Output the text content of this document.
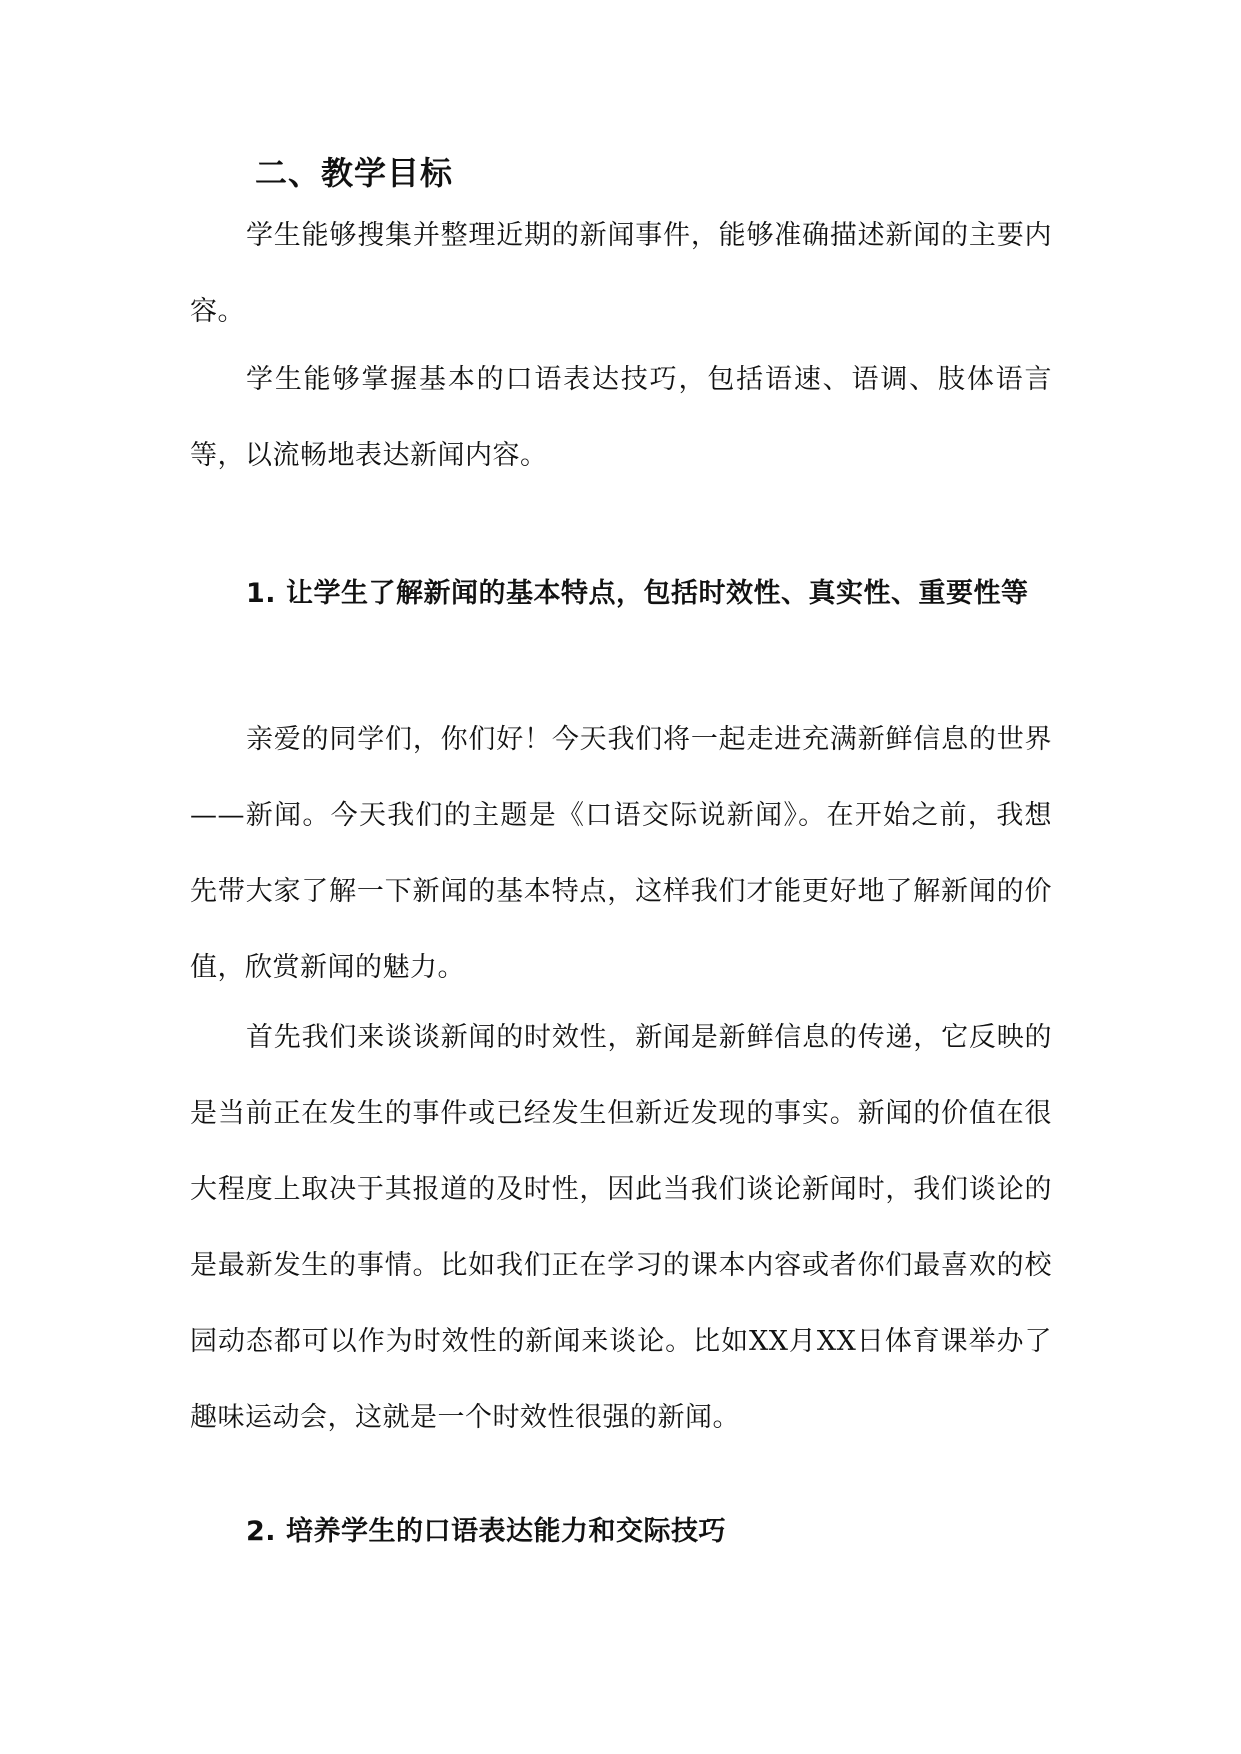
二、教学目标

学生能够搜集并整理近期的新闻事件，能够准确描述新闻的主要内容。

学生能够掌握基本的口语表达技巧，包括语速、语调、肢体语言等，以流畅地表达新闻内容。

1. 让学生了解新闻的基本特点，包括时效性、真实性、重要性等

亲爱的同学们，你们好！今天我们将一起走进充满新鲜信息的世界——新闻。今天我们的主题是《口语交际说新闻》。在开始之前，我想先带大家了解一下新闻的基本特点，这样我们才能更好地了解新闻的价值，欣赏新闻的魅力。

首先我们来谈谈新闻的时效性，新闻是新鲜信息的传递，它反映的是当前正在发生的事件或已经发生但新近发现的事实。新闻的价值在很大程度上取决于其报道的及时性，因此当我们谈论新闻时，我们谈论的是最新发生的事情。比如我们正在学习的课本内容或者你们最喜欢的校园动态都可以作为时效性的新闻来谈论。比如XX月XX日体育课举办了趣味运动会，这就是一个时效性很强的新闻。

2. 培养学生的口语表达能力和交际技巧
